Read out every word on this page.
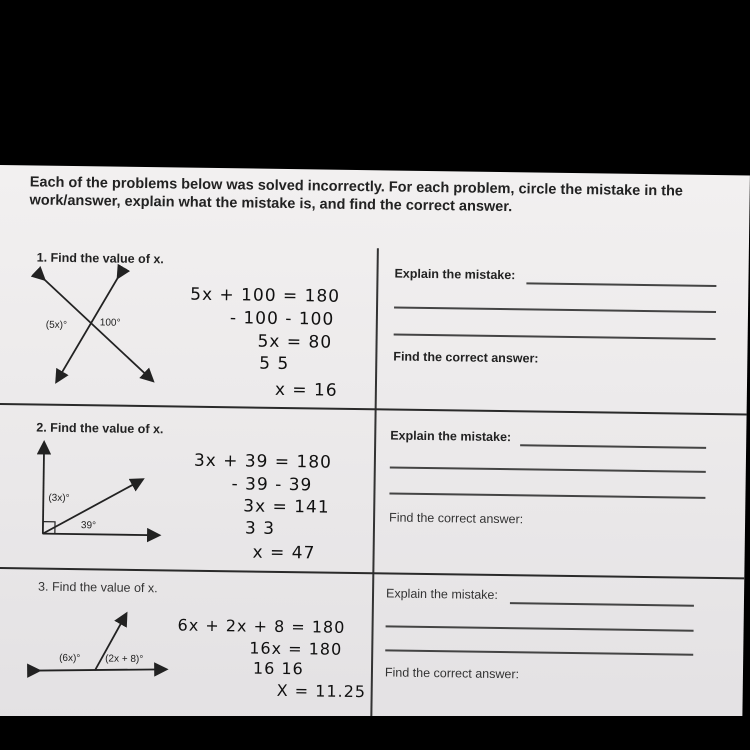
Each of the problems below was solved incorrectly. For each problem, circle the mistake in the work/answer, explain what the mistake is, and find the correct answer.
1. Find the value of x.
(5x)°	100°
5x + 100 = 180
- 100 - 100
5x = 80
5 5
x = 16
Explain the mistake:
Find the correct answer:
2. Find the value of x.
(3x)°
39°
3x + 39 = 180
- 39 - 39
3x = 141
3 3
x = 47
Explain the mistake:
Find the correct answer:
3. Find the value of x.
(6x)° (2x + 8)°
6x + 2x + 8 = 180
16x = 180
16 16
X = 11.25
Explain the mistake:
Find the correct answer:
